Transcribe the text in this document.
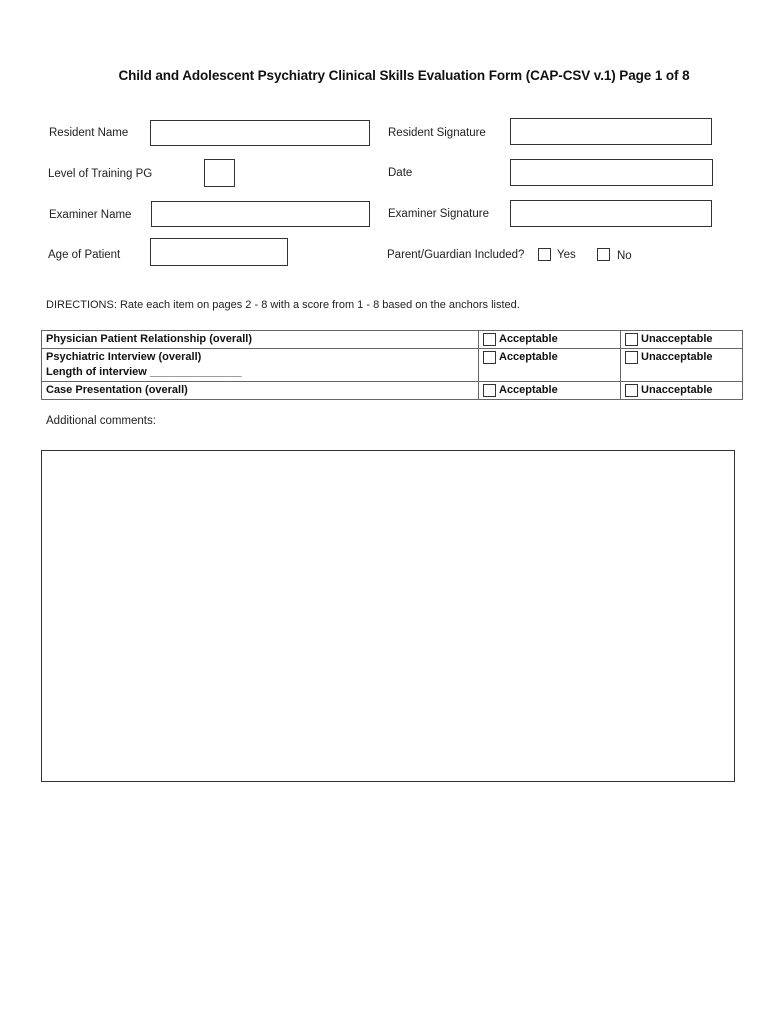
Child and Adolescent Psychiatry Clinical Skills Evaluation Form (CAP-CSV v.1) Page 1 of 8
Resident Name	Resident Signature
Level of Training PG	Date
Examiner Name	Examiner Signature
Age of Patient	Parent/Guardian Included?	Yes	No
DIRECTIONS: Rate each item on pages 2 - 8 with a score from 1 - 8 based on the anchors listed.
Physician Patient Relationship (overall)	Acceptable	Unacceptable

Psychiatric Interview (overall)
Length of interview _______________	Acceptable	Unacceptable

Case Presentation (overall)	Acceptable	Unacceptable
Additional comments:
